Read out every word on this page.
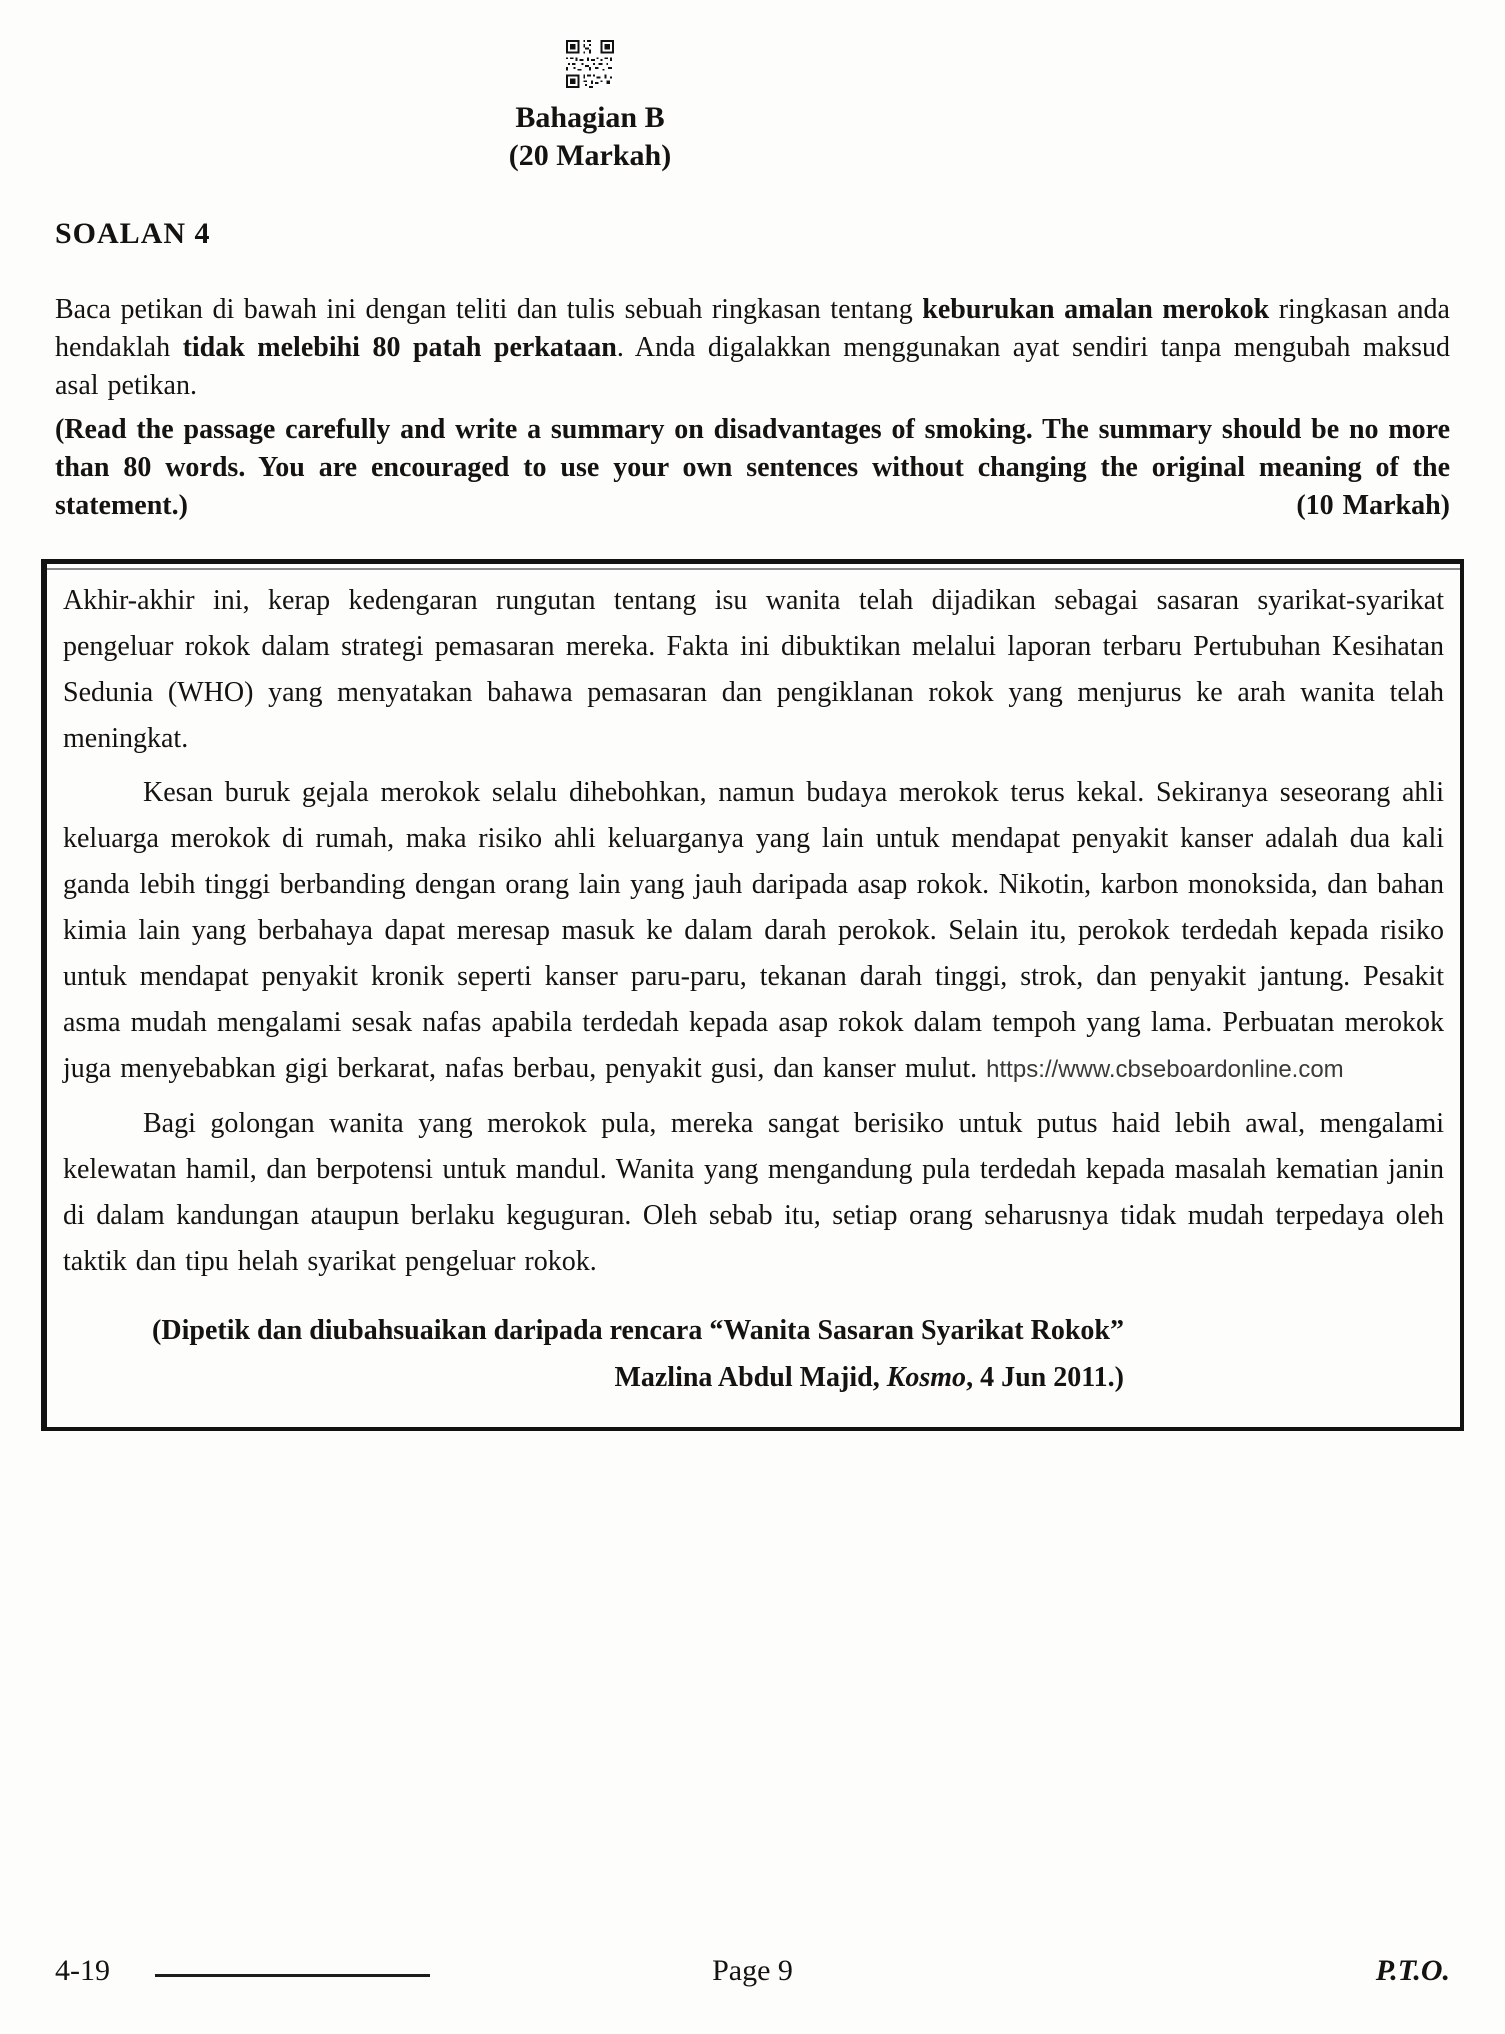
Bahagian B
(20 Markah)
SOALAN 4

Baca petikan di bawah ini dengan teliti dan tulis sebuah ringkasan tentang keburukan amalan merokok ringkasan anda hendaklah tidak melebihi 80 patah perkataan. Anda digalakkan menggunakan ayat sendiri tanpa mengubah maksud asal petikan.

(Read the passage carefully and write a summary on disadvantages of smoking. The summary should be no more than 80 words. You are encouraged to use your own sentences without changing the original meaning of the statement.)	(10 Markah)

Akhir-akhir ini, kerap kedengaran rungutan tentang isu wanita telah dijadikan sebagai sasaran syarikat-syarikat pengeluar rokok dalam strategi pemasaran mereka. Fakta ini dibuktikan melalui laporan terbaru Pertubuhan Kesihatan Sedunia (WHO) yang menyatakan bahawa pemasaran dan pengiklanan rokok yang menjurus ke arah wanita telah meningkat.

Kesan buruk gejala merokok selalu dihebohkan, namun budaya merokok terus kekal. Sekiranya seseorang ahli keluarga merokok di rumah, maka risiko ahli keluarganya yang lain untuk mendapat penyakit kanser adalah dua kali ganda lebih tinggi berbanding dengan orang lain yang jauh daripada asap rokok. Nikotin, karbon monoksida, dan bahan kimia lain yang berbahaya dapat meresap masuk ke dalam darah perokok. Selain itu, perokok terdedah kepada risiko untuk mendapat penyakit kronik seperti kanser paru-paru, tekanan darah tinggi, strok, dan penyakit jantung. Pesakit asma mudah mengalami sesak nafas apabila terdedah kepada asap rokok dalam tempoh yang lama. Perbuatan merokok juga menyebabkan gigi berkarat, nafas berbau, penyakit gusi, dan kanser mulut. https://www.cbseboardonline.com

Bagi golongan wanita yang merokok pula, mereka sangat berisiko untuk putus haid lebih awal, mengalami kelewatan hamil, dan berpotensi untuk mandul. Wanita yang mengandung pula terdedah kepada masalah kematian janin di dalam kandungan ataupun berlaku keguguran. Oleh sebab itu, setiap orang seharusnya tidak mudah terpedaya oleh taktik dan tipu helah syarikat pengeluar rokok.

(Dipetik dan diubahsuaikan daripada rencara “Wanita Sasaran Syarikat Rokok” Mazlina Abdul Majid, Kosmo, 4 Jun 2011.)

4-19	Page 9	P.T.O.
